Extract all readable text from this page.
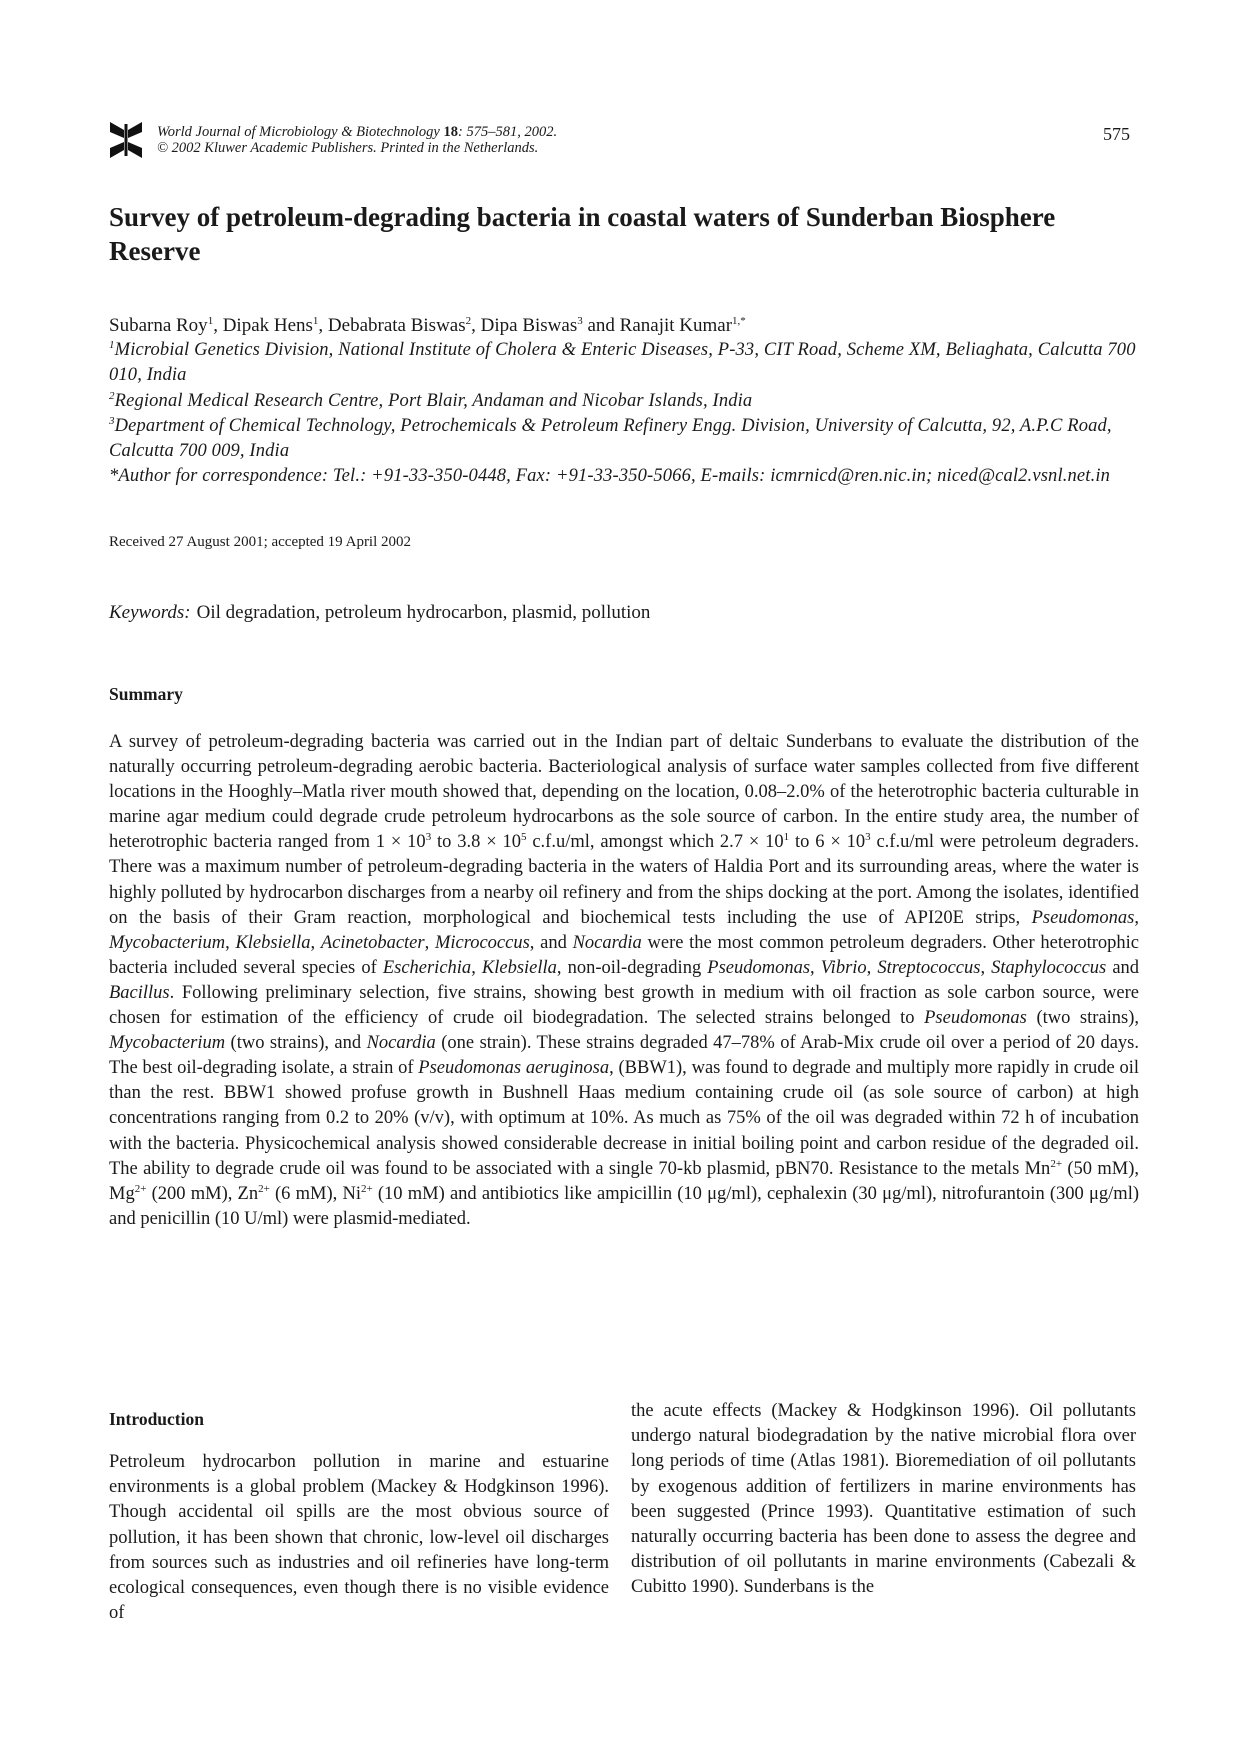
World Journal of Microbiology & Biotechnology 18: 575–581, 2002.
© 2002 Kluwer Academic Publishers. Printed in the Netherlands.
575
Survey of petroleum-degrading bacteria in coastal waters of Sunderban Biosphere Reserve
Subarna Roy$^1$, Dipak Hens$^1$, Debabrata Biswas$^2$, Dipa Biswas$^3$ and Ranajit Kumar$^{1,*}$
$^1$Microbial Genetics Division, National Institute of Cholera & Enteric Diseases, P-33, CIT Road, Scheme XM, Beliaghata, Calcutta 700 010, India
$^2$Regional Medical Research Centre, Port Blair, Andaman and Nicobar Islands, India
$^3$Department of Chemical Technology, Petrochemicals & Petroleum Refinery Engg. Division, University of Calcutta, 92, A.P.C Road, Calcutta 700 009, India
*Author for correspondence: Tel.: +91-33-350-0448, Fax: +91-33-350-5066, E-mails: icmrnicd@ren.nic.in; niced@cal2.vsnl.net.in
Received 27 August 2001; accepted 19 April 2002
Keywords: Oil degradation, petroleum hydrocarbon, plasmid, pollution
Summary
A survey of petroleum-degrading bacteria was carried out in the Indian part of deltaic Sunderbans to evaluate the distribution of the naturally occurring petroleum-degrading aerobic bacteria. Bacteriological analysis of surface water samples collected from five different locations in the Hooghly–Matla river mouth showed that, depending on the location, 0.08–2.0% of the heterotrophic bacteria culturable in marine agar medium could degrade crude petroleum hydrocarbons as the sole source of carbon. In the entire study area, the number of heterotrophic bacteria ranged from $1 \times 10^3$ to $3.8 \times 10^5$ c.f.u/ml, amongst which $2.7 \times 10^1$ to $6 \times 10^3$ c.f.u/ml were petroleum degraders. There was a maximum number of petroleum-degrading bacteria in the waters of Haldia Port and its surrounding areas, where the water is highly polluted by hydrocarbon discharges from a nearby oil refinery and from the ships docking at the port. Among the isolates, identified on the basis of their Gram reaction, morphological and biochemical tests including the use of API20E strips, Pseudomonas, Mycobacterium, Klebsiella, Acinetobacter, Micrococcus, and Nocardia were the most common petroleum degraders. Other heterotrophic bacteria included several species of Escherichia, Klebsiella, non-oil-degrading Pseudomonas, Vibrio, Streptococcus, Staphylococcus and Bacillus. Following preliminary selection, five strains, showing best growth in medium with oil fraction as sole carbon source, were chosen for estimation of the efficiency of crude oil biodegradation. The selected strains belonged to Pseudomonas (two strains), Mycobacterium (two strains), and Nocardia (one strain). These strains degraded 47–78% of Arab-Mix crude oil over a period of 20 days. The best oil-degrading isolate, a strain of Pseudomonas aeruginosa, (BBW1), was found to degrade and multiply more rapidly in crude oil than the rest. BBW1 showed profuse growth in Bushnell Haas medium containing crude oil (as sole source of carbon) at high concentrations ranging from 0.2 to 20% (v/v), with optimum at 10%. As much as 75% of the oil was degraded within 72 h of incubation with the bacteria. Physicochemical analysis showed considerable decrease in initial boiling point and carbon residue of the degraded oil. The ability to degrade crude oil was found to be associated with a single 70-kb plasmid, pBN70. Resistance to the metals $Mn^{2+}$ (50 mM), $Mg^{2+}$ (200 mM), $Zn^{2+}$ (6 mM), $Ni^{2+}$ (10 mM) and antibiotics like ampicillin (10 μg/ml), cephalexin (30 μg/ml), nitrofurantoin (300 μg/ml) and penicillin (10 U/ml) were plasmid-mediated.
Introduction
Petroleum hydrocarbon pollution in marine and estuarine environments is a global problem (Mackey & Hodgkinson 1996). Though accidental oil spills are the most obvious source of pollution, it has been shown that chronic, low-level oil discharges from sources such as industries and oil refineries have long-term ecological consequences, even though there is no visible evidence of
the acute effects (Mackey & Hodgkinson 1996). Oil pollutants undergo natural biodegradation by the native microbial flora over long periods of time (Atlas 1981). Bioremediation of oil pollutants by exogenous addition of fertilizers in marine environments has been suggested (Prince 1993). Quantitative estimation of such naturally occurring bacteria has been done to assess the degree and distribution of oil pollutants in marine environments (Cabezali & Cubitto 1990). Sunderbans is the
